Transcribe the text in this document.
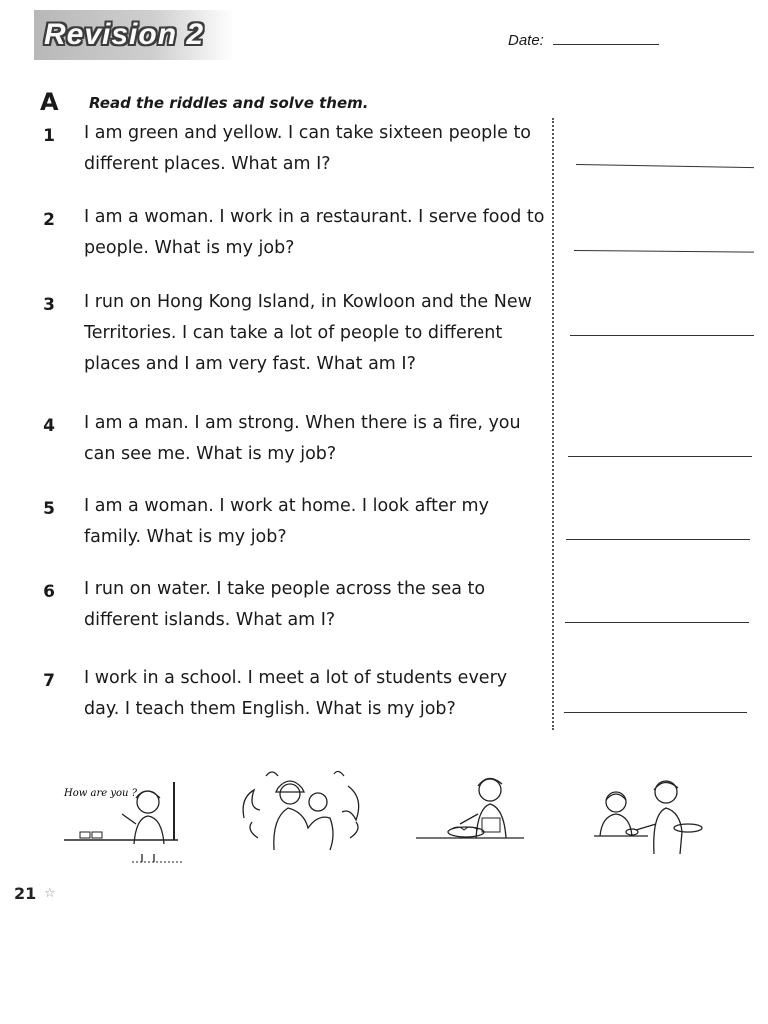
Revision 2	Date:
A Read the riddles and solve them.
1 I am green and yellow. I can take sixteen people to different places. What am I?
2 I am a woman. I work in a restaurant. I serve food to people. What is my job?
3 I run on Hong Kong Island, in Kowloon and the New Territories. I can take a lot of people to different places and I am very fast. What am I?
4 I am a man. I am strong. When there is a fire, you can see me. What is my job?
5 I am a woman. I work at home. I look after my family. What is my job?
6 I run on water. I take people across the sea to different islands. What am I?
7 I work in a school. I meet a lot of students every day. I teach them English. What is my job?
How are you ?
21 ☆
